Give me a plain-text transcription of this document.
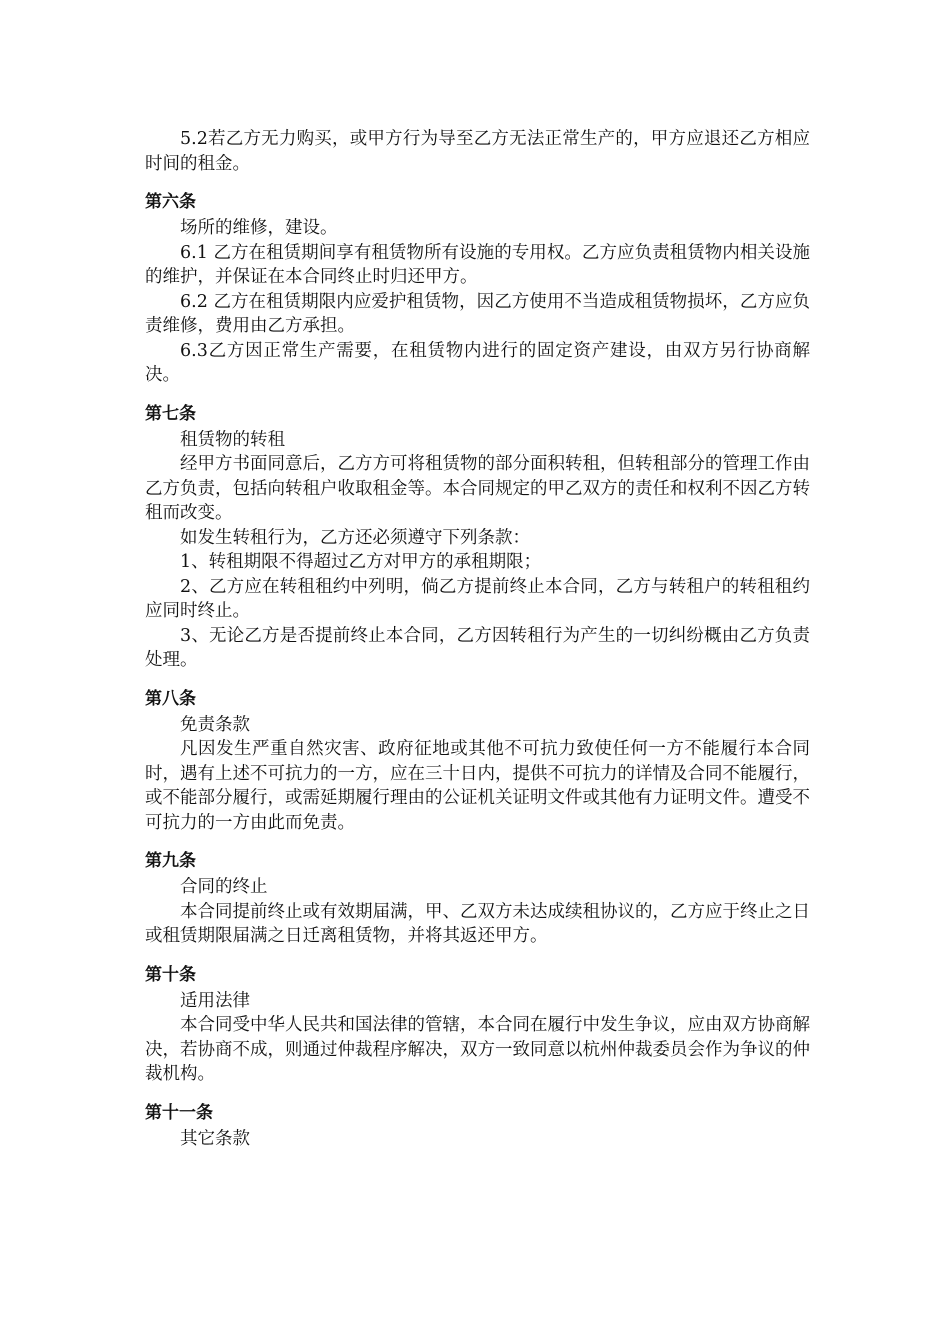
5.2若乙方无力购买，或甲方行为导至乙方无法正常生产的，甲方应退还乙方相应时间的租金。

第六条

场所的维修，建设。

6.1 乙方在租赁期间享有租赁物所有设施的专用权。乙方应负责租赁物内相关设施的维护，并保证在本合同终止时归还甲方。

6.2 乙方在租赁期限内应爱护租赁物，因乙方使用不当造成租赁物损坏，乙方应负责维修，费用由乙方承担。

6.3乙方因正常生产需要，在租赁物内进行的固定资产建设，由双方另行协商解决。

第七条

租赁物的转租

经甲方书面同意后，乙方方可将租赁物的部分面积转租，但转租部分的管理工作由乙方负责，包括向转租户收取租金等。本合同规定的甲乙双方的责任和权利不因乙方转租而改变。

如发生转租行为，乙方还必须遵守下列条款：

1、转租期限不得超过乙方对甲方的承租期限；

2、乙方应在转租租约中列明，倘乙方提前终止本合同，乙方与转租户的转租租约应同时终止。

3、无论乙方是否提前终止本合同，乙方因转租行为产生的一切纠纷概由乙方负责处理。

第八条

免责条款

凡因发生严重自然灾害、政府征地或其他不可抗力致使任何一方不能履行本合同时，遇有上述不可抗力的一方，应在三十日内，提供不可抗力的详情及合同不能履行，或不能部分履行，或需延期履行理由的公证机关证明文件或其他有力证明文件。遭受不可抗力的一方由此而免责。

第九条

合同的终止

本合同提前终止或有效期届满，甲、乙双方未达成续租协议的，乙方应于终止之日或租赁期限届满之日迁离租赁物，并将其返还甲方。

第十条

适用法律

本合同受中华人民共和国法律的管辖，本合同在履行中发生争议，应由双方协商解决，若协商不成，则通过仲裁程序解决，双方一致同意以杭州仲裁委员会作为争议的仲裁机构。

第十一条

其它条款
